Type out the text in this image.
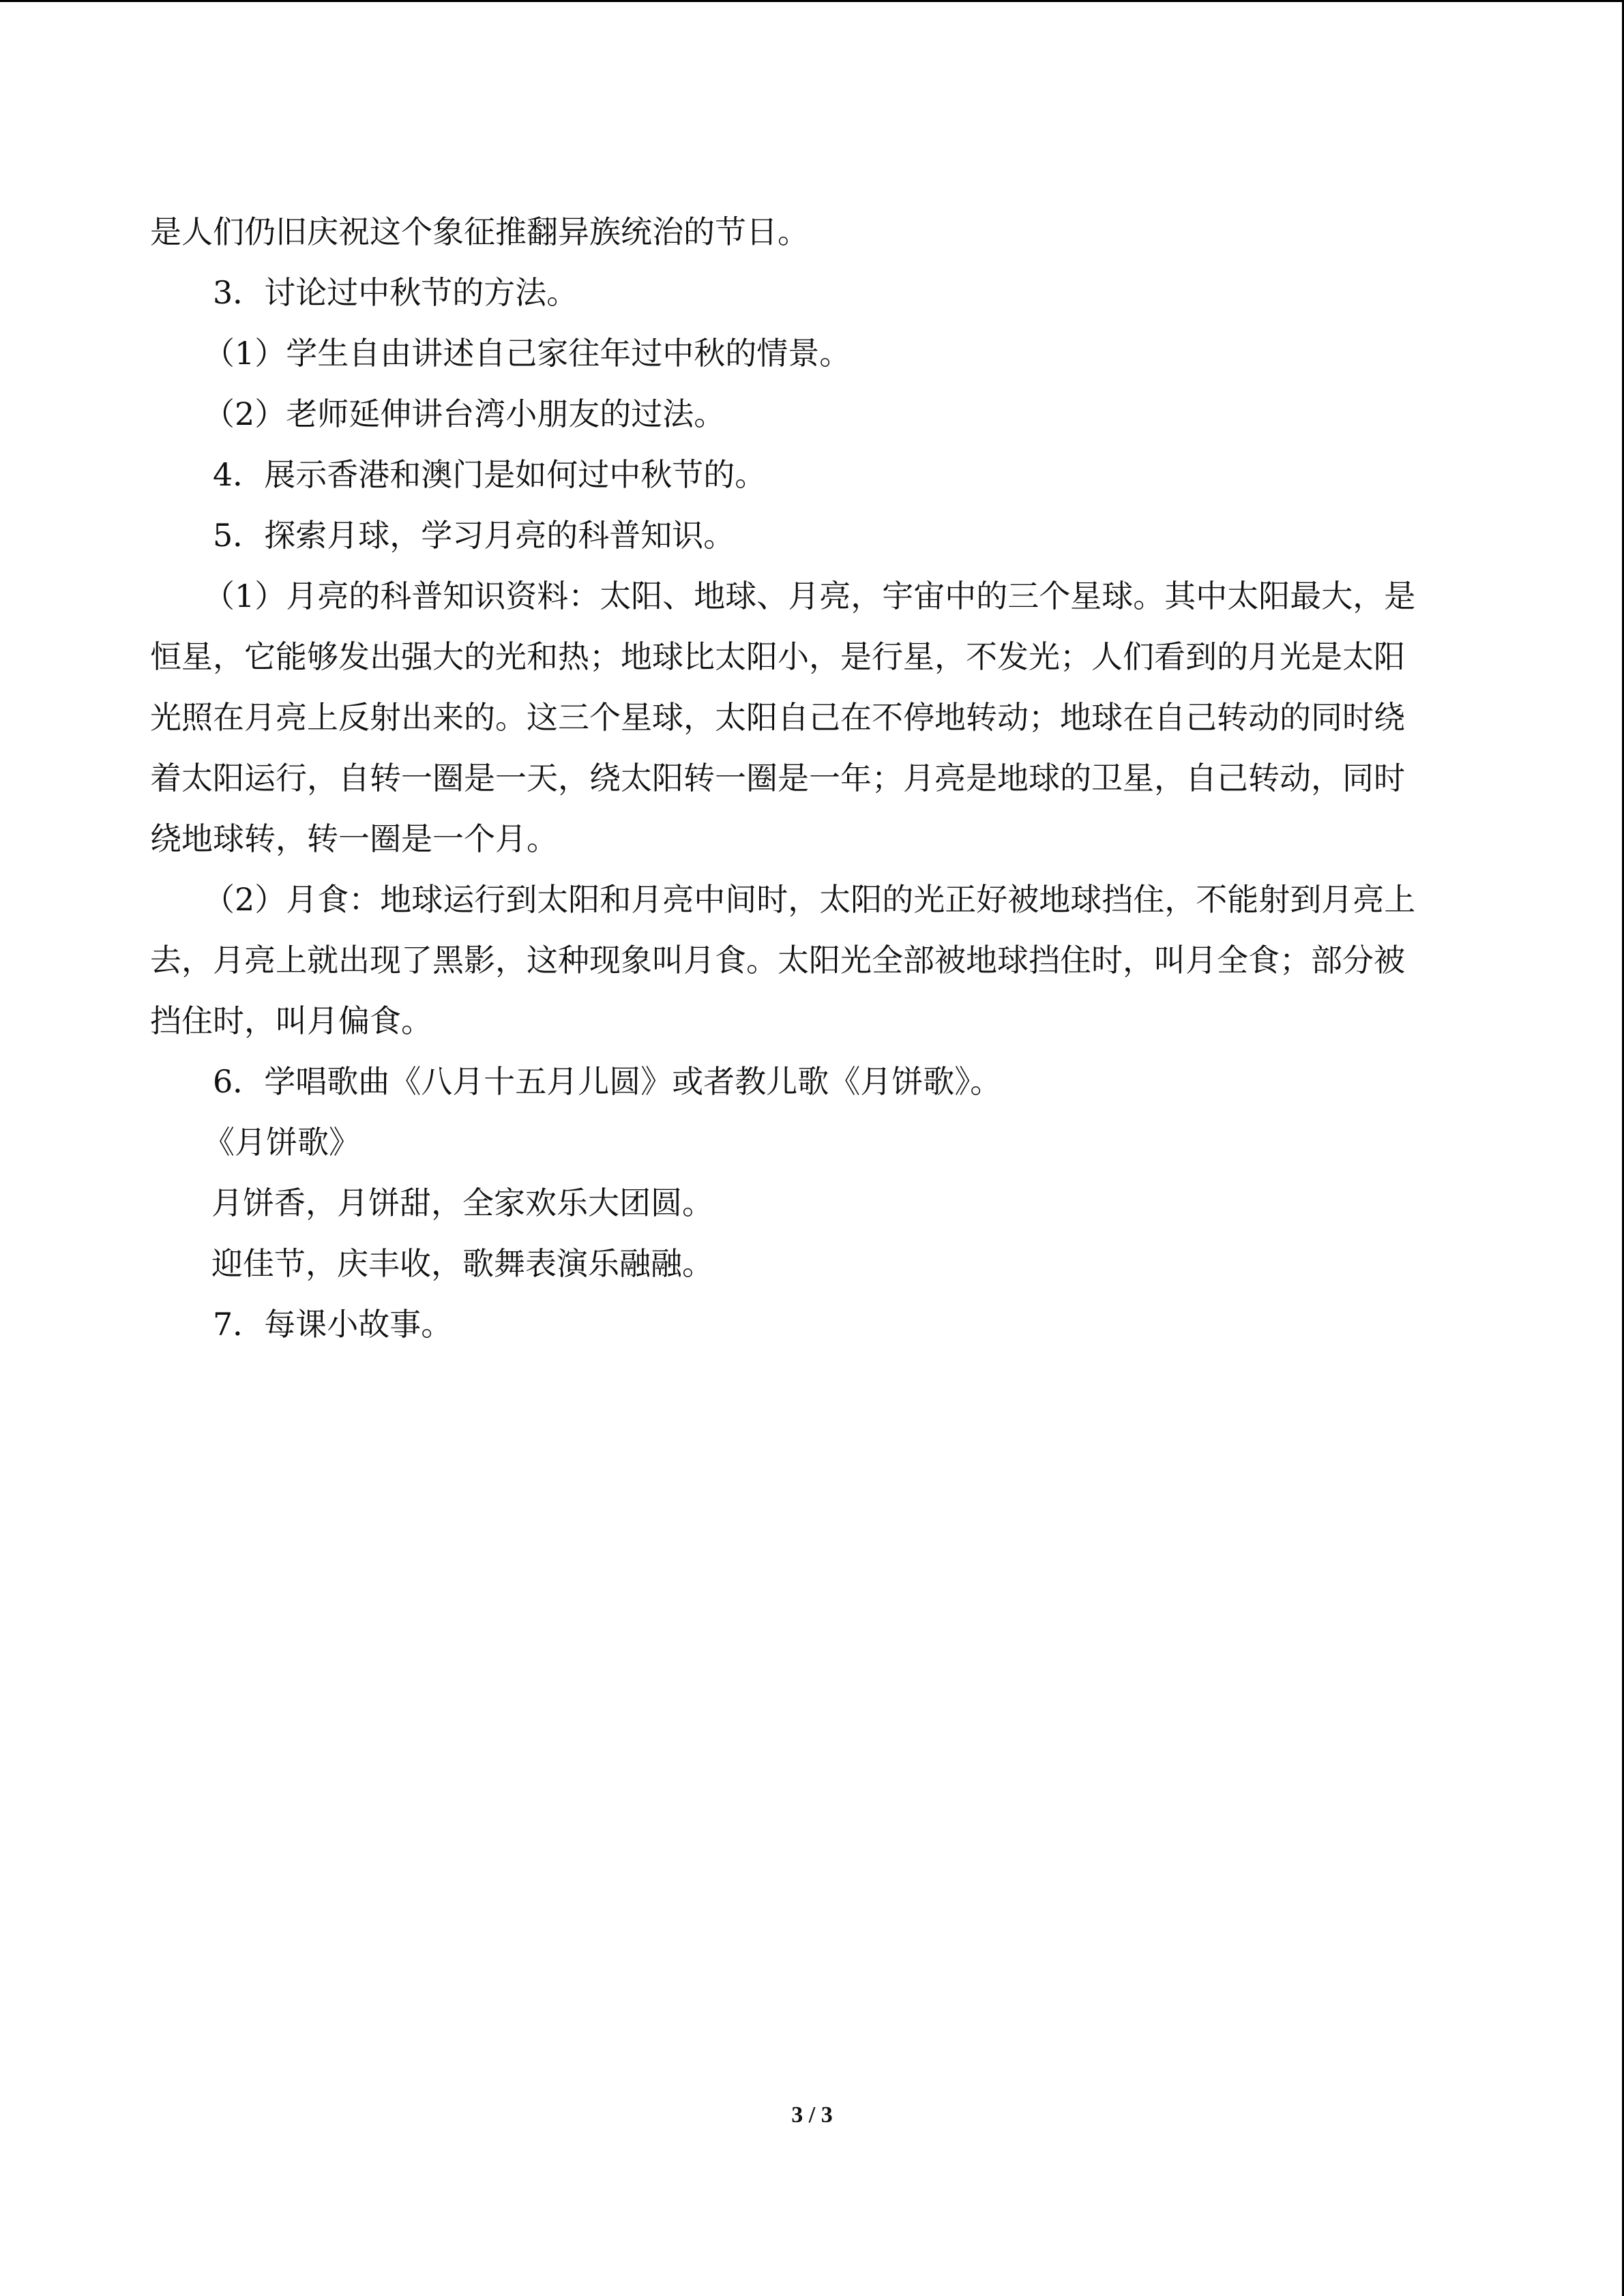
是人们仍旧庆祝这个象征推翻异族统治的节日。

3．讨论过中秋节的方法。

（1）学生自由讲述自己家往年过中秋的情景。

（2）老师延伸讲台湾小朋友的过法。

4．展示香港和澳门是如何过中秋节的。

5．探索月球，学习月亮的科普知识。

（1）月亮的科普知识资料：太阳、地球、月亮，宇宙中的三个星球。其中太阳最大，是
恒星，它能够发出强大的光和热；地球比太阳小，是行星，不发光；人们看到的月光是太阳
光照在月亮上反射出来的。这三个星球，太阳自己在不停地转动；地球在自己转动的同时绕
着太阳运行，自转一圈是一天，绕太阳转一圈是一年；月亮是地球的卫星，自己转动，同时
绕地球转，转一圈是一个月。

（2）月食：地球运行到太阳和月亮中间时，太阳的光正好被地球挡住，不能射到月亮上
去，月亮上就出现了黑影，这种现象叫月食。太阳光全部被地球挡住时，叫月全食；部分被
挡住时，叫月偏食。

6．学唱歌曲《八月十五月儿圆》或者教儿歌《月饼歌》。

《月饼歌》

月饼香，月饼甜，全家欢乐大团圆。

迎佳节，庆丰收，歌舞表演乐融融。

7．每课小故事。

3 / 3
